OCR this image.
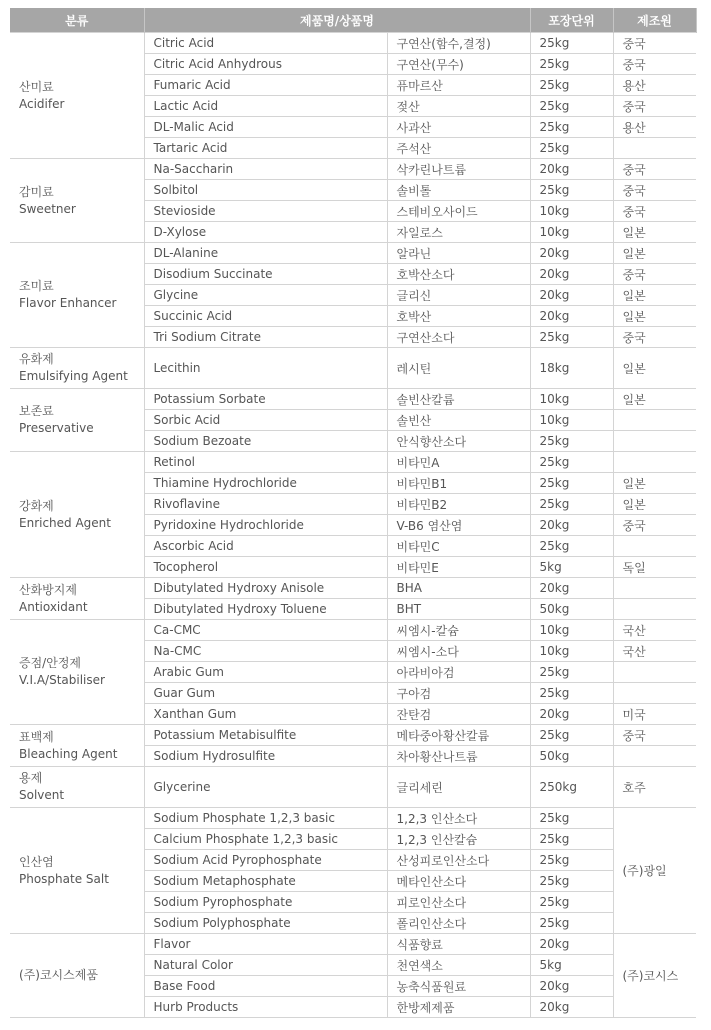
분류	제품명/상품명		포장단위	제조원

산미료
Acidifer	Citric Acid	구연산(함수,결정)	25kg	중국
	Citric Acid Anhydrous	구연산(무수)	25kg	중국
	Fumaric Acid	퓨마르산	25kg	용산
	Lactic Acid	젖산	25kg	중국
	DL-Malic Acid	사과산	25kg	용산
	Tartaric Acid	주석산	25kg	

감미료
Sweetner	Na-Saccharin	삭카린나트륨	20kg	중국
	Solbitol	솔비톨	25kg	중국
	Stevioside	스테비오사이드	10kg	중국
	D-Xylose	자일로스	10kg	일본

조미료
Flavor Enhancer	DL-Alanine	알라닌	20kg	일본
	Disodium Succinate	호박산소다	20kg	중국
	Glycine	글리신	20kg	일본
	Succinic Acid	호박산	20kg	일본
	Tri Sodium Citrate	구연산소다	25kg	중국

유화제
Emulsifying Agent	Lecithin	레시틴	18kg	일본

보존료
Preservative	Potassium Sorbate	솔빈산칼륨	10kg	일본
	Sorbic Acid	솔빈산	10kg	
	Sodium Bezoate	안식향산소다	25kg	

강화제
Enriched Agent	Retinol	비타민A	25kg	
	Thiamine Hydrochloride	비타민B1	25kg	일본
	Rivoflavine	비타민B2	25kg	일본
	Pyridoxine Hydrochloride	V-B6 염산염	20kg	중국
	Ascorbic Acid	비타민C	25kg	
	Tocopherol	비타민E	5kg	독일

산화방지제
Antioxidant	Dibutylated Hydroxy Anisole	BHA	20kg	
	Dibutylated Hydroxy Toluene	BHT	50kg	

증점/안정제
V.I.A/Stabiliser	Ca-CMC	씨엠시-칼슘	10kg	국산
	Na-CMC	씨엠시-소다	10kg	국산
	Arabic Gum	아라비아검	25kg	
	Guar Gum	구아검	25kg	
	Xanthan Gum	잔탄검	20kg	미국

표백제
Bleaching Agent	Potassium Metabisulfite	메타중아황산칼륨	25kg	중국
	Sodium Hydrosulfite	차아황산나트륨	50kg	

용제
Solvent	Glycerine	글리세린	250kg	호주

인산염
Phosphate Salt	Sodium Phosphate 1,2,3 basic	1,2,3 인산소다	25kg	(주)광일
	Calcium Phosphate 1,2,3 basic	1,2,3 인산칼슘	25kg	
	Sodium Acid Pyrophosphate	산성피로인산소다	25kg	
	Sodium Metaphosphate	메타인산소다	25kg	
	Sodium Pyrophosphate	피로인산소다	25kg	
	Sodium Polyphosphate	폴리인산소다	25kg	

(주)코시스제품	Flavor	식품향료	20kg	(주)코시스
	Natural Color	천연색소	5kg	
	Base Food	농축식품원료	20kg	
	Hurb Products	한방제제품	20kg	
